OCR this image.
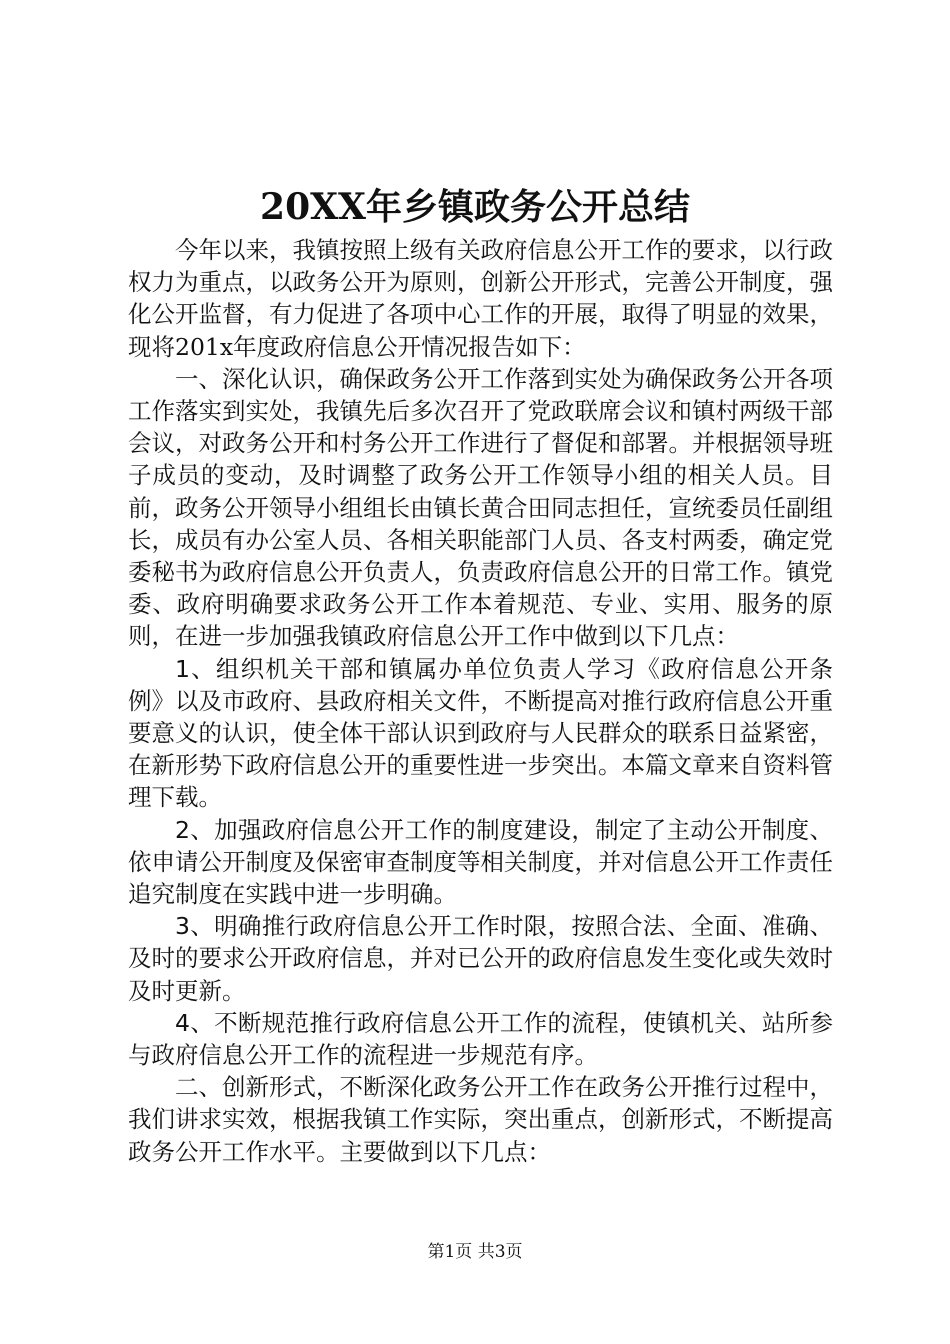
20XX年乡镇政务公开总结

今年以来，我镇按照上级有关政府信息公开工作的要求，以行政权力为重点，以政务公开为原则，创新公开形式，完善公开制度，强化公开监督，有力促进了各项中心工作的开展，取得了明显的效果，现将201x年度政府信息公开情况报告如下：

一、深化认识，确保政务公开工作落到实处为确保政务公开各项工作落实到实处，我镇先后多次召开了党政联席会议和镇村两级干部会议，对政务公开和村务公开工作进行了督促和部署。并根据领导班子成员的变动，及时调整了政务公开工作领导小组的相关人员。目前，政务公开领导小组组长由镇长黄合田同志担任，宣统委员任副组长，成员有办公室人员、各相关职能部门人员、各支村两委，确定党委秘书为政府信息公开负责人，负责政府信息公开的日常工作。镇党委、政府明确要求政务公开工作本着规范、专业、实用、服务的原则，在进一步加强我镇政府信息公开工作中做到以下几点：

1、组织机关干部和镇属办单位负责人学习《政府信息公开条例》以及市政府、县政府相关文件，不断提高对推行政府信息公开重要意义的认识，使全体干部认识到政府与人民群众的联系日益紧密，在新形势下政府信息公开的重要性进一步突出。本篇文章来自资料管理下载。

2、加强政府信息公开工作的制度建设，制定了主动公开制度、依申请公开制度及保密审查制度等相关制度，并对信息公开工作责任追究制度在实践中进一步明确。

3、明确推行政府信息公开工作时限，按照合法、全面、准确、及时的要求公开政府信息，并对已公开的政府信息发生变化或失效时及时更新。

4、不断规范推行政府信息公开工作的流程，使镇机关、站所参与政府信息公开工作的流程进一步规范有序。

二、创新形式，不断深化政务公开工作在政务公开推行过程中，我们讲求实效，根据我镇工作实际，突出重点，创新形式，不断提高政务公开工作水平。主要做到以下几点：

第1页 共3页
